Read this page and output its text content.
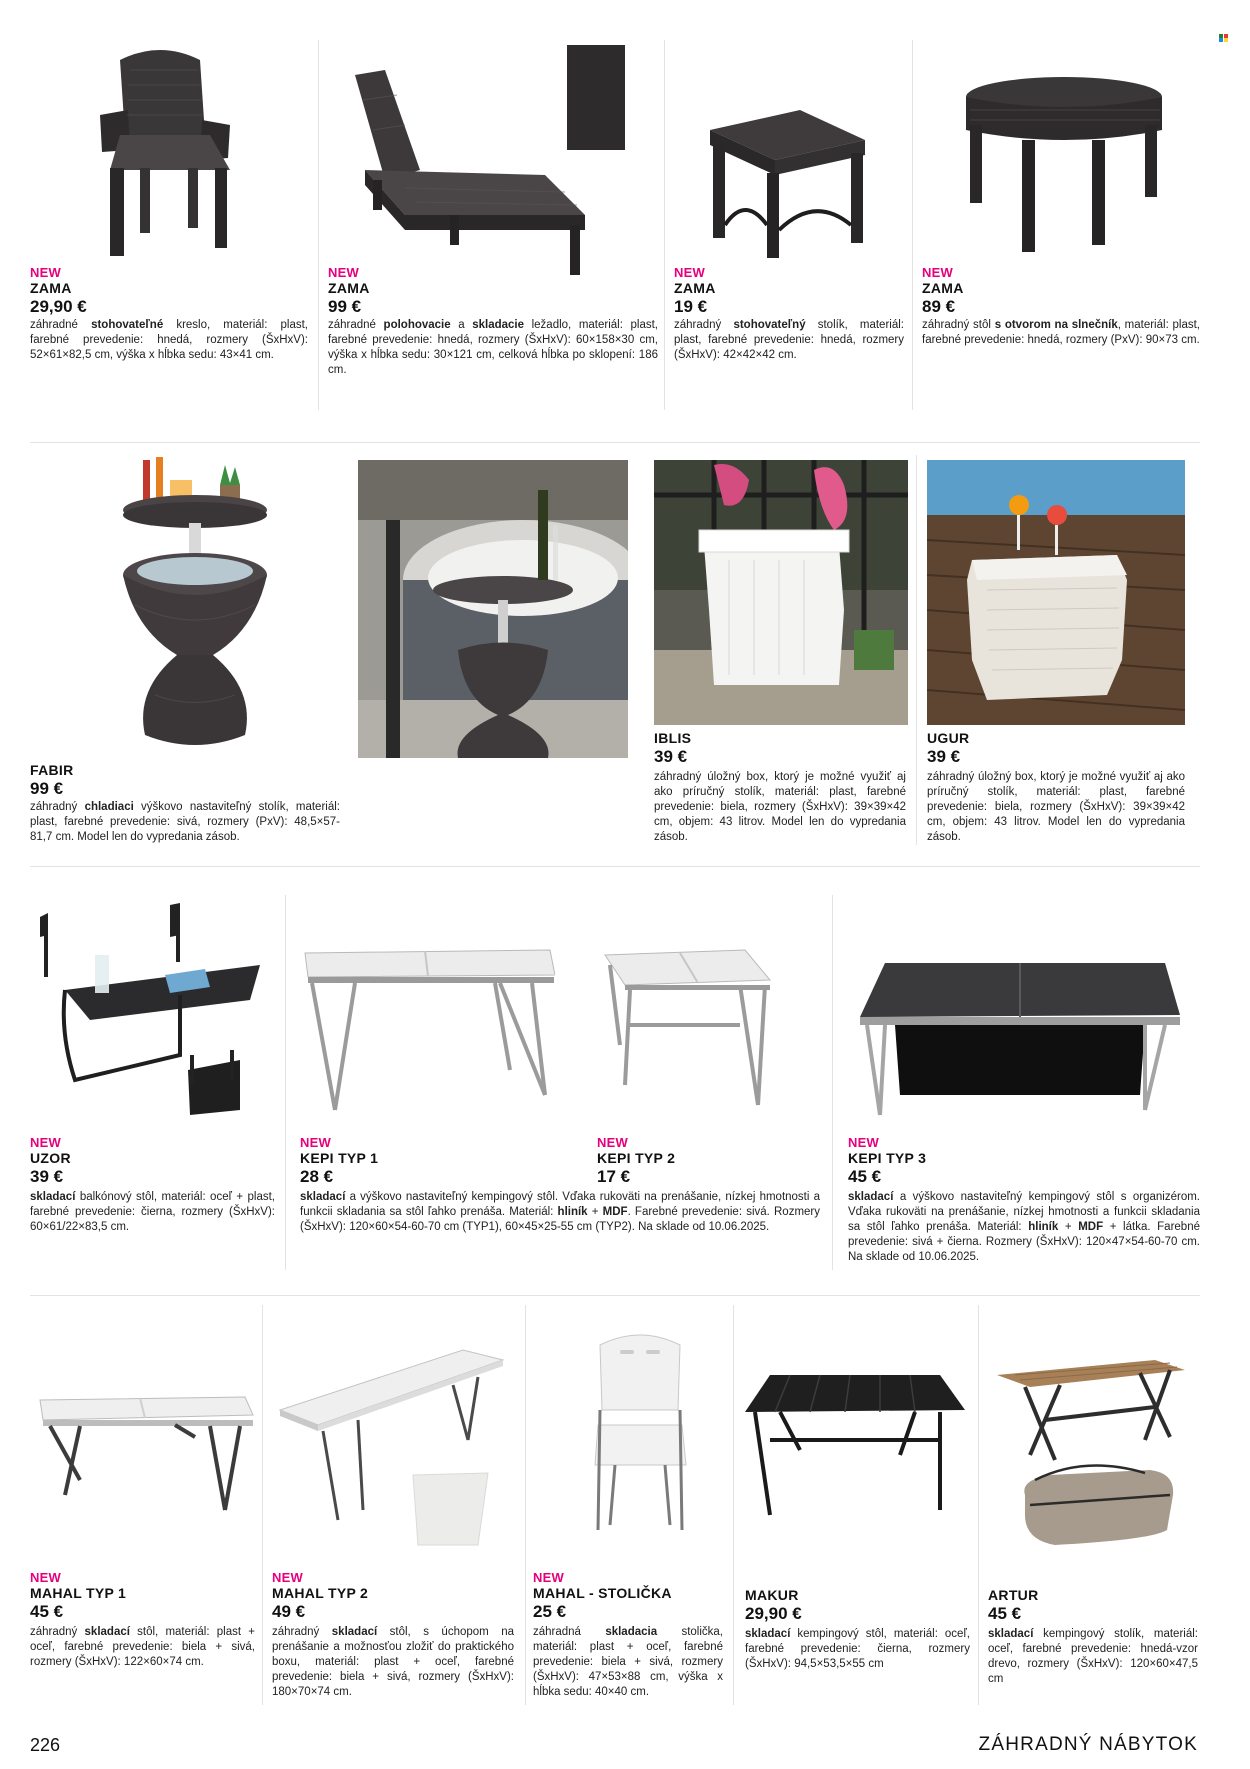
NEW
ZAMA
29,90 €
záhradné stohovateľné kreslo, materiál: plast, farebné prevedenie: hnedá, rozmery (ŠxHxV): 52×61×82,5 cm, výška x hĺbka sedu: 43×41 cm.
NEW
ZAMA
99 €
záhradné polohovacie a skladacie ležadlo, materiál: plast, farebné prevedenie: hnedá, rozmery (ŠxHxV): 60×158×30 cm, výška x hĺbka sedu: 30×121 cm, celková hĺbka po sklopení: 186 cm.
NEW
ZAMA
19 €
záhradný stohovateľný stolík, materiál: plast, farebné prevedenie: hnedá, rozmery (ŠxHxV): 42×42×42 cm.
NEW
ZAMA
89 €
záhradný stôl s otvorom na slnečník, materiál: plast, farebné prevedenie: hnedá, rozmery (PxV): 90×73 cm.
FABIR
99 €
záhradný chladiaci výškovo nastaviteľný stolík, materiál: plast, farebné prevedenie: sivá, rozmery (PxV): 48,5×57-81,7 cm. Model len do vypredania zásob.
IBLIS
39 €
záhradný úložný box, ktorý je možné využiť aj ako príručný stolík, materiál: plast, farebné prevedenie: biela, rozmery (ŠxHxV): 39×39×42 cm, objem: 43 litrov. Model len do vypredania zásob.
UGUR
39 €
záhradný úložný box, ktorý je možné využiť aj ako príručný stolík, materiál: plast, farebné prevedenie: biela, rozmery (ŠxHxV): 39×39×42 cm, objem: 43 litrov. Model len do vypredania zásob.
NEW
UZOR
39 €
skladací balkónový stôl, materiál: oceľ + plast, farebné prevedenie: čierna, rozmery (ŠxHxV): 60×61/22×83,5 cm.
NEW
KEPI TYP 1
28 €
NEW
KEPI TYP 2
17 €
skladací a výškovo nastaviteľný kempingový stôl. Vďaka rukoväti na prenášanie, nízkej hmotnosti a funkcii skladania sa stôl ľahko prenáša. Materiál: hliník + MDF. Farebné prevedenie: sivá. Rozmery (ŠxHxV): 120×60×54-60-70 cm (TYP1), 60×45×25-55 cm (TYP2). Na sklade od 10.06.2025.
NEW
KEPI TYP 3
45 €
skladací a výškovo nastaviteľný kempingový stôl s organizérom. Vďaka rukoväti na prenášanie, nízkej hmotnosti a funkcii skladania sa stôl ľahko prenáša. Materiál: hliník + MDF + látka. Farebné prevedenie: sivá + čierna. Rozmery (ŠxHxV): 120×47×54-60-70 cm. Na sklade od 10.06.2025.
NEW
MAHAL TYP 1
45 €
záhradný skladací stôl, materiál: plast + oceľ, farebné prevedenie: biela + sivá, rozmery (ŠxHxV): 122×60×74 cm.
NEW
MAHAL TYP 2
49 €
záhradný skladací stôl, s úchopom na prenášanie a možnosťou zložiť do praktického boxu, materiál: plast + oceľ, farebné prevedenie: biela + sivá, rozmery (ŠxHxV): 180×70×74 cm.
NEW
MAHAL - STOLIČKA
25 €
záhradná skladacia stolička, materiál: plast + oceľ, farebné prevedenie: biela + sivá, rozmery (ŠxHxV): 47×53×88 cm, výška x hĺbka sedu: 40×40 cm.
MAKUR
29,90 €
skladací kempingový stôl, materiál: oceľ, farebné prevedenie: čierna, rozmery (ŠxHxV): 94,5×53,5×55 cm
ARTUR
45 €
skladací kempingový stolík, materiál: oceľ, farebné prevedenie: hnedá-vzor drevo, rozmery (ŠxHxV): 120×60×47,5 cm
226	ZÁHRADNÝ NÁBYTOK
